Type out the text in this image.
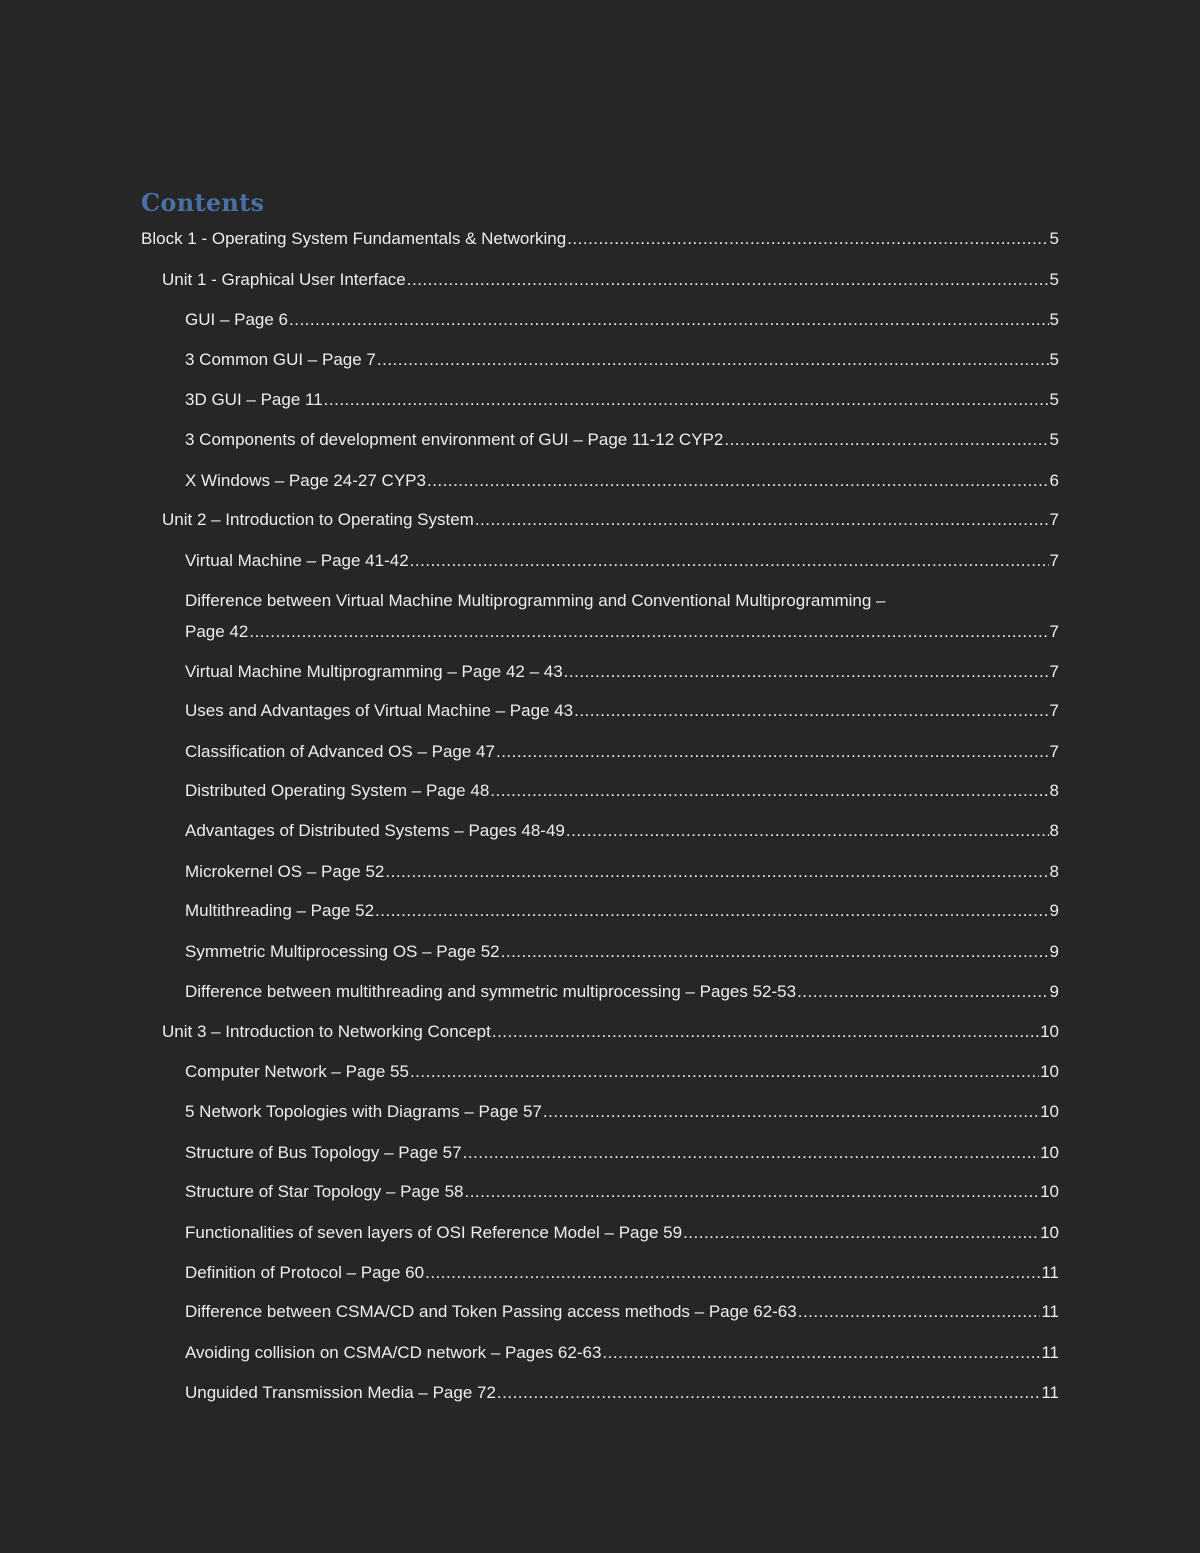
Contents
Block 1 - Operating System Fundamentals & Networking .....	5
Unit 1 - Graphical User Interface .....	5
GUI – Page 6 .....	5
3 Common GUI – Page 7 .....	5
3D GUI – Page 11 .....	5
3 Components of development environment of GUI – Page 11-12 CYP2 .....	5
X Windows – Page 24-27 CYP3 .....	6
Unit 2 – Introduction to Operating System .....	7
Virtual Machine – Page 41-42 .....	7
Difference between Virtual Machine Multiprogramming and Conventional Multiprogramming –
Page 42 .....	7
Virtual Machine Multiprogramming – Page 42 – 43 .....	7
Uses and Advantages of Virtual Machine – Page 43 .....	7
Classification of Advanced OS – Page 47 .....	7
Distributed Operating System – Page 48 .....	8
Advantages of Distributed Systems – Pages 48-49 .....	8
Microkernel OS – Page 52 .....	8
Multithreading – Page 52 .....	9
Symmetric Multiprocessing OS – Page 52 .....	9
Difference between multithreading and symmetric multiprocessing – Pages 52-53 .....	9
Unit 3 – Introduction to Networking Concept .....	10
Computer Network – Page 55 .....	10
5 Network Topologies with Diagrams – Page 57 .....	10
Structure of Bus Topology – Page 57 .....	10
Structure of Star Topology – Page 58 .....	10
Functionalities of seven layers of OSI Reference Model – Page 59 .....	10
Definition of Protocol – Page 60 .....	11
Difference between CSMA/CD and Token Passing access methods – Page 62-63 .....	11
Avoiding collision on CSMA/CD network – Pages 62-63 .....	11
Unguided Transmission Media – Page 72 .....	11
